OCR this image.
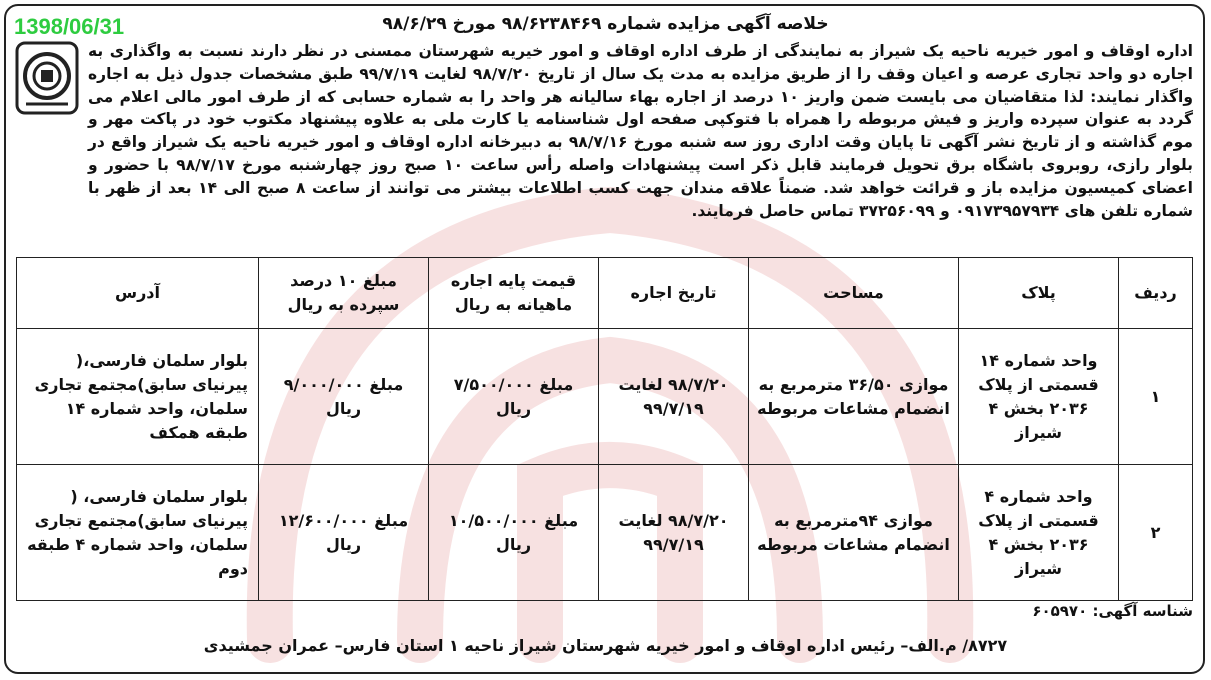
1398/06/31	خلاصه آگهی مزایده شماره ۹۸/۶۲۳۸۴۶۹ مورخ ۹۸/۶/۲۹

اداره اوقاف و امور خیریه ناحیه یک شیراز به نمایندگی از طرف اداره اوقاف و امور خیریه شهرستان ممسنی در نظر دارند نسبت به واگذاری به اجاره دو واحد تجاری عرصه و اعیان وقف را از طریق مزایده به مدت یک سال از تاریخ ۹۸/۷/۲۰ لغایت ۹۹/۷/۱۹ طبق مشخصات جدول ذیل به اجاره واگذار نمایند: لذا متقاضیان می بایست ضمن واریز ۱۰ درصد از اجاره بهاء سالیانه هر واحد را به شماره حسابی که از طرف امور مالی اعلام می گردد به عنوان سپرده واریز و فیش مربوطه را همراه با فتوکپی صفحه اول شناسنامه یا کارت ملی به علاوه پیشنهاد مکتوب خود در پاکت مهر و موم گذاشته و از تاریخ نشر آگهی تا پایان وقت اداری روز سه شنبه مورخ ۹۸/۷/۱۶ به دبیرخانه اداره اوقاف و امور خیریه ناحیه یک شیراز واقع در بلوار رازی، روبروی باشگاه برق تحویل فرمایند قابل ذکر است پیشنهادات واصله رأس ساعت ۱۰ صبح روز چهارشنبه مورخ ۹۸/۷/۱۷ با حضور و اعضای کمیسیون مزایده باز و قرائت خواهد شد. ضمناً علاقه مندان جهت کسب اطلاعات بیشتر می توانند از ساعت ۸ صبح الی ۱۴ بعد از ظهر با شماره تلفن های ۰۹۱۷۳۹۵۷۹۳۴ و ۳۷۲۵۶۰۹۹ تماس حاصل فرمایند.

ردیف	پلاک	مساحت	تاریخ اجاره	قیمت پایه اجاره ماهیانه به ریال	مبلغ ۱۰ درصد سپرده به ریال	آدرس
۱	واحد شماره ۱۴ قسمتی از پلاک ۲۰۳۶ بخش ۴ شیراز	موازی ۳۶/۵۰ مترمربع به انضمام مشاعات مربوطه	۹۸/۷/۲۰ لغایت ۹۹/۷/۱۹	مبلغ ۷/۵۰۰/۰۰۰ ریال	مبلغ ۹/۰۰۰/۰۰۰ ریال	بلوار سلمان فارسی،( پیرنیای سابق)مجتمع تجاری سلمان، واحد شماره ۱۴ طبقه همکف
۲	واحد شماره ۴ قسمتی از پلاک ۲۰۳۶ بخش ۴ شیراز	موازی ۹۴مترمربع به انضمام مشاعات مربوطه	۹۸/۷/۲۰ لغایت ۹۹/۷/۱۹	مبلغ ۱۰/۵۰۰/۰۰۰ ریال	مبلغ ۱۲/۶۰۰/۰۰۰ ریال	بلوار سلمان فارسی، ( پیرنیای سابق)مجتمع تجاری سلمان، واحد شماره ۴ طبقه دوم
شناسه آگهی: ۶۰۵۹۷۰
۸۷۲۷/ م.الف– رئیس اداره اوقاف و امور خیریه شهرستان شیراز ناحیه ۱ استان فارس– عمران جمشیدی
